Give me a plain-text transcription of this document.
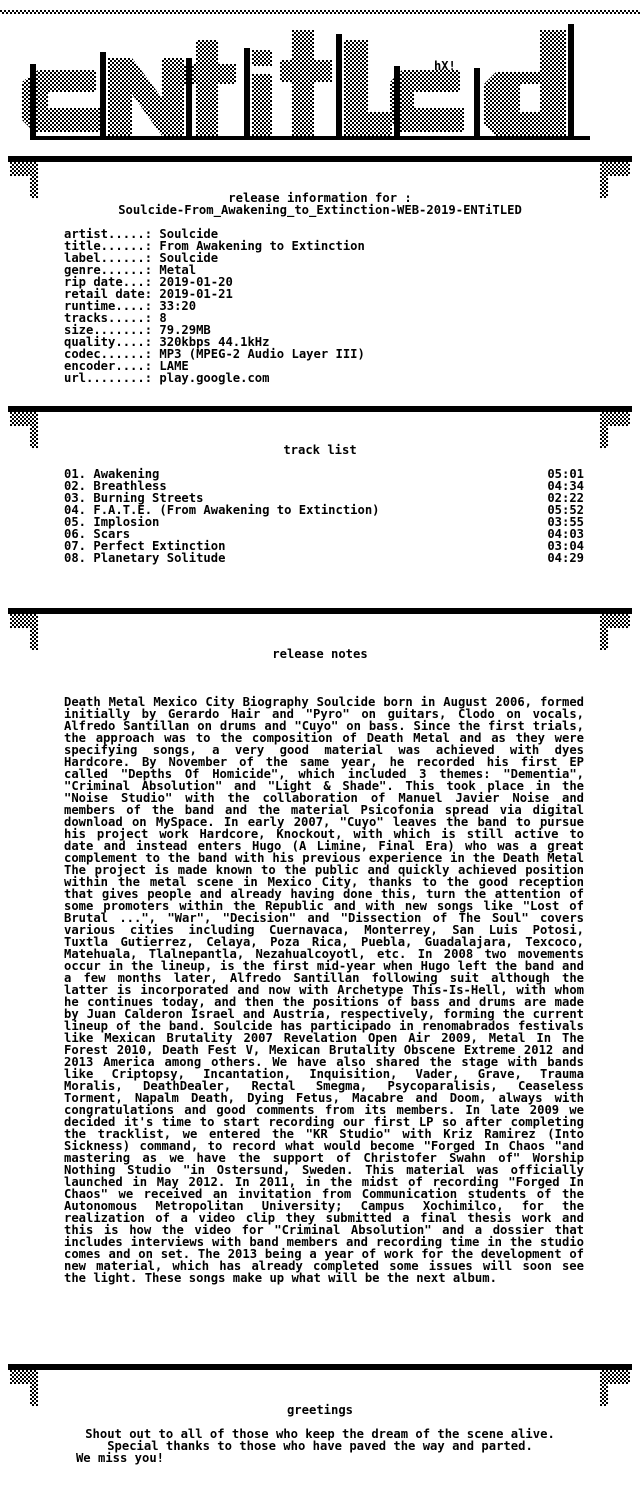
hX!
release information for :
Soulcide-From_Awakening_to_Extinction-WEB-2019-ENTiTLED
artist.....: Soulcide
title......: From Awakening to Extinction
label......: Soulcide
genre......: Metal
rip date...: 2019-01-20
retail date: 2019-01-21
runtime....: 33:20
tracks.....: 8
size.......: 79.29MB
quality....: 320kbps 44.1kHz
codec......: MP3 (MPEG-2 Audio Layer III)
encoder....: LAME
url........: play.google.com
track list
01. Awakening	05:01
02. Breathless	04:34
03. Burning Streets	02:22
04. F.A.T.E. (From Awakening to Extinction)	05:52
05. Implosion	03:55
06. Scars	04:03
07. Perfect Extinction	03:04
08. Planetary Solitude	04:29
release notes
Death Metal Mexico City Biography Soulcide born in August 2006, formed initially by Gerardo Hair and "Pyro" on guitars, Clodo on vocals, Alfredo Santillan on drums and "Cuyo" on bass. Since the first trials, the approach was to the composition of Death Metal and as they were specifying songs, a very good material was achieved with dyes Hardcore. By November of the same year, he recorded his first EP called "Depths Of Homicide", which included 3 themes: "Dementia", "Criminal Absolution" and "Light & Shade". This took place in the "Noise Studio" with the collaboration of Manuel Javier Noise and members of the band and the material Psicofonia spread via digital download on MySpace. In early 2007, "Cuyo" leaves the band to pursue his project work Hardcore, Knockout, with which is still active to date and instead enters Hugo (A Limine, Final Era) who was a great complement to the band with his previous experience in the Death Metal The project is made known to the public and quickly achieved position within the metal scene in Mexico City, thanks to the good reception that gives people and already having done this, turn the attention of some promoters within the Republic and with new songs like "Lost of Brutal ...", "War", "Decision" and "Dissection of The Soul" covers various cities including Cuernavaca, Monterrey, San Luis Potosi, Tuxtla Gutierrez, Celaya, Poza Rica, Puebla, Guadalajara, Texcoco, Matehuala, Tlalnepantla, Nezahualcoyotl, etc. In 2008 two movements occur in the lineup, is the first mid-year when Hugo left the band and a few months later, Alfredo Santillan following suit although the latter is incorporated and now with Archetype This-Is-Hell, with whom he continues today, and then the positions of bass and drums are made by Juan Calderon Israel and Austria, respectively, forming the current lineup of the band. Soulcide has participado in renomabrados festivals like Mexican Brutality 2007 Revelation Open Air 2009, Metal In The Forest 2010, Death Fest V, Mexican Brutality Obscene Extreme 2012 and 2013 America among others. We have also shared the stage with bands like Criptopsy, Incantation, Inquisition, Vader, Grave, Trauma Moralis, DeathDealer, Rectal Smegma, Psycoparalisis, Ceaseless Torment, Napalm Death, Dying Fetus, Macabre and Doom, always with congratulations and good comments from its members. In late 2009 we decided it's time to start recording our first LP so after completing the tracklist, we entered the "KR Studio" with Kriz Ramirez (Into Sickness) command, to record what would become "Forged In Chaos "and mastering as we have the support of Christofer Swahn of" Worship Nothing Studio "in Ostersund, Sweden. This material was officially launched in May 2012. In 2011, in the midst of recording "Forged In Chaos" we received an invitation from Communication students of the Autonomous Metropolitan University; Campus Xochimilco, for the realization of a video clip they submitted a final thesis work and this is how the video for "Criminal Absolution" and a dossier that includes interviews with band members and recording time in the studio comes and on set. The 2013 being a year of work for the development of new material, which has already completed some issues will soon see the light. These songs make up what will be the next album.
greetings
Shout out to all of those who keep the dream of the scene alive.
Special thanks to those who have paved the way and parted.
We miss you!
